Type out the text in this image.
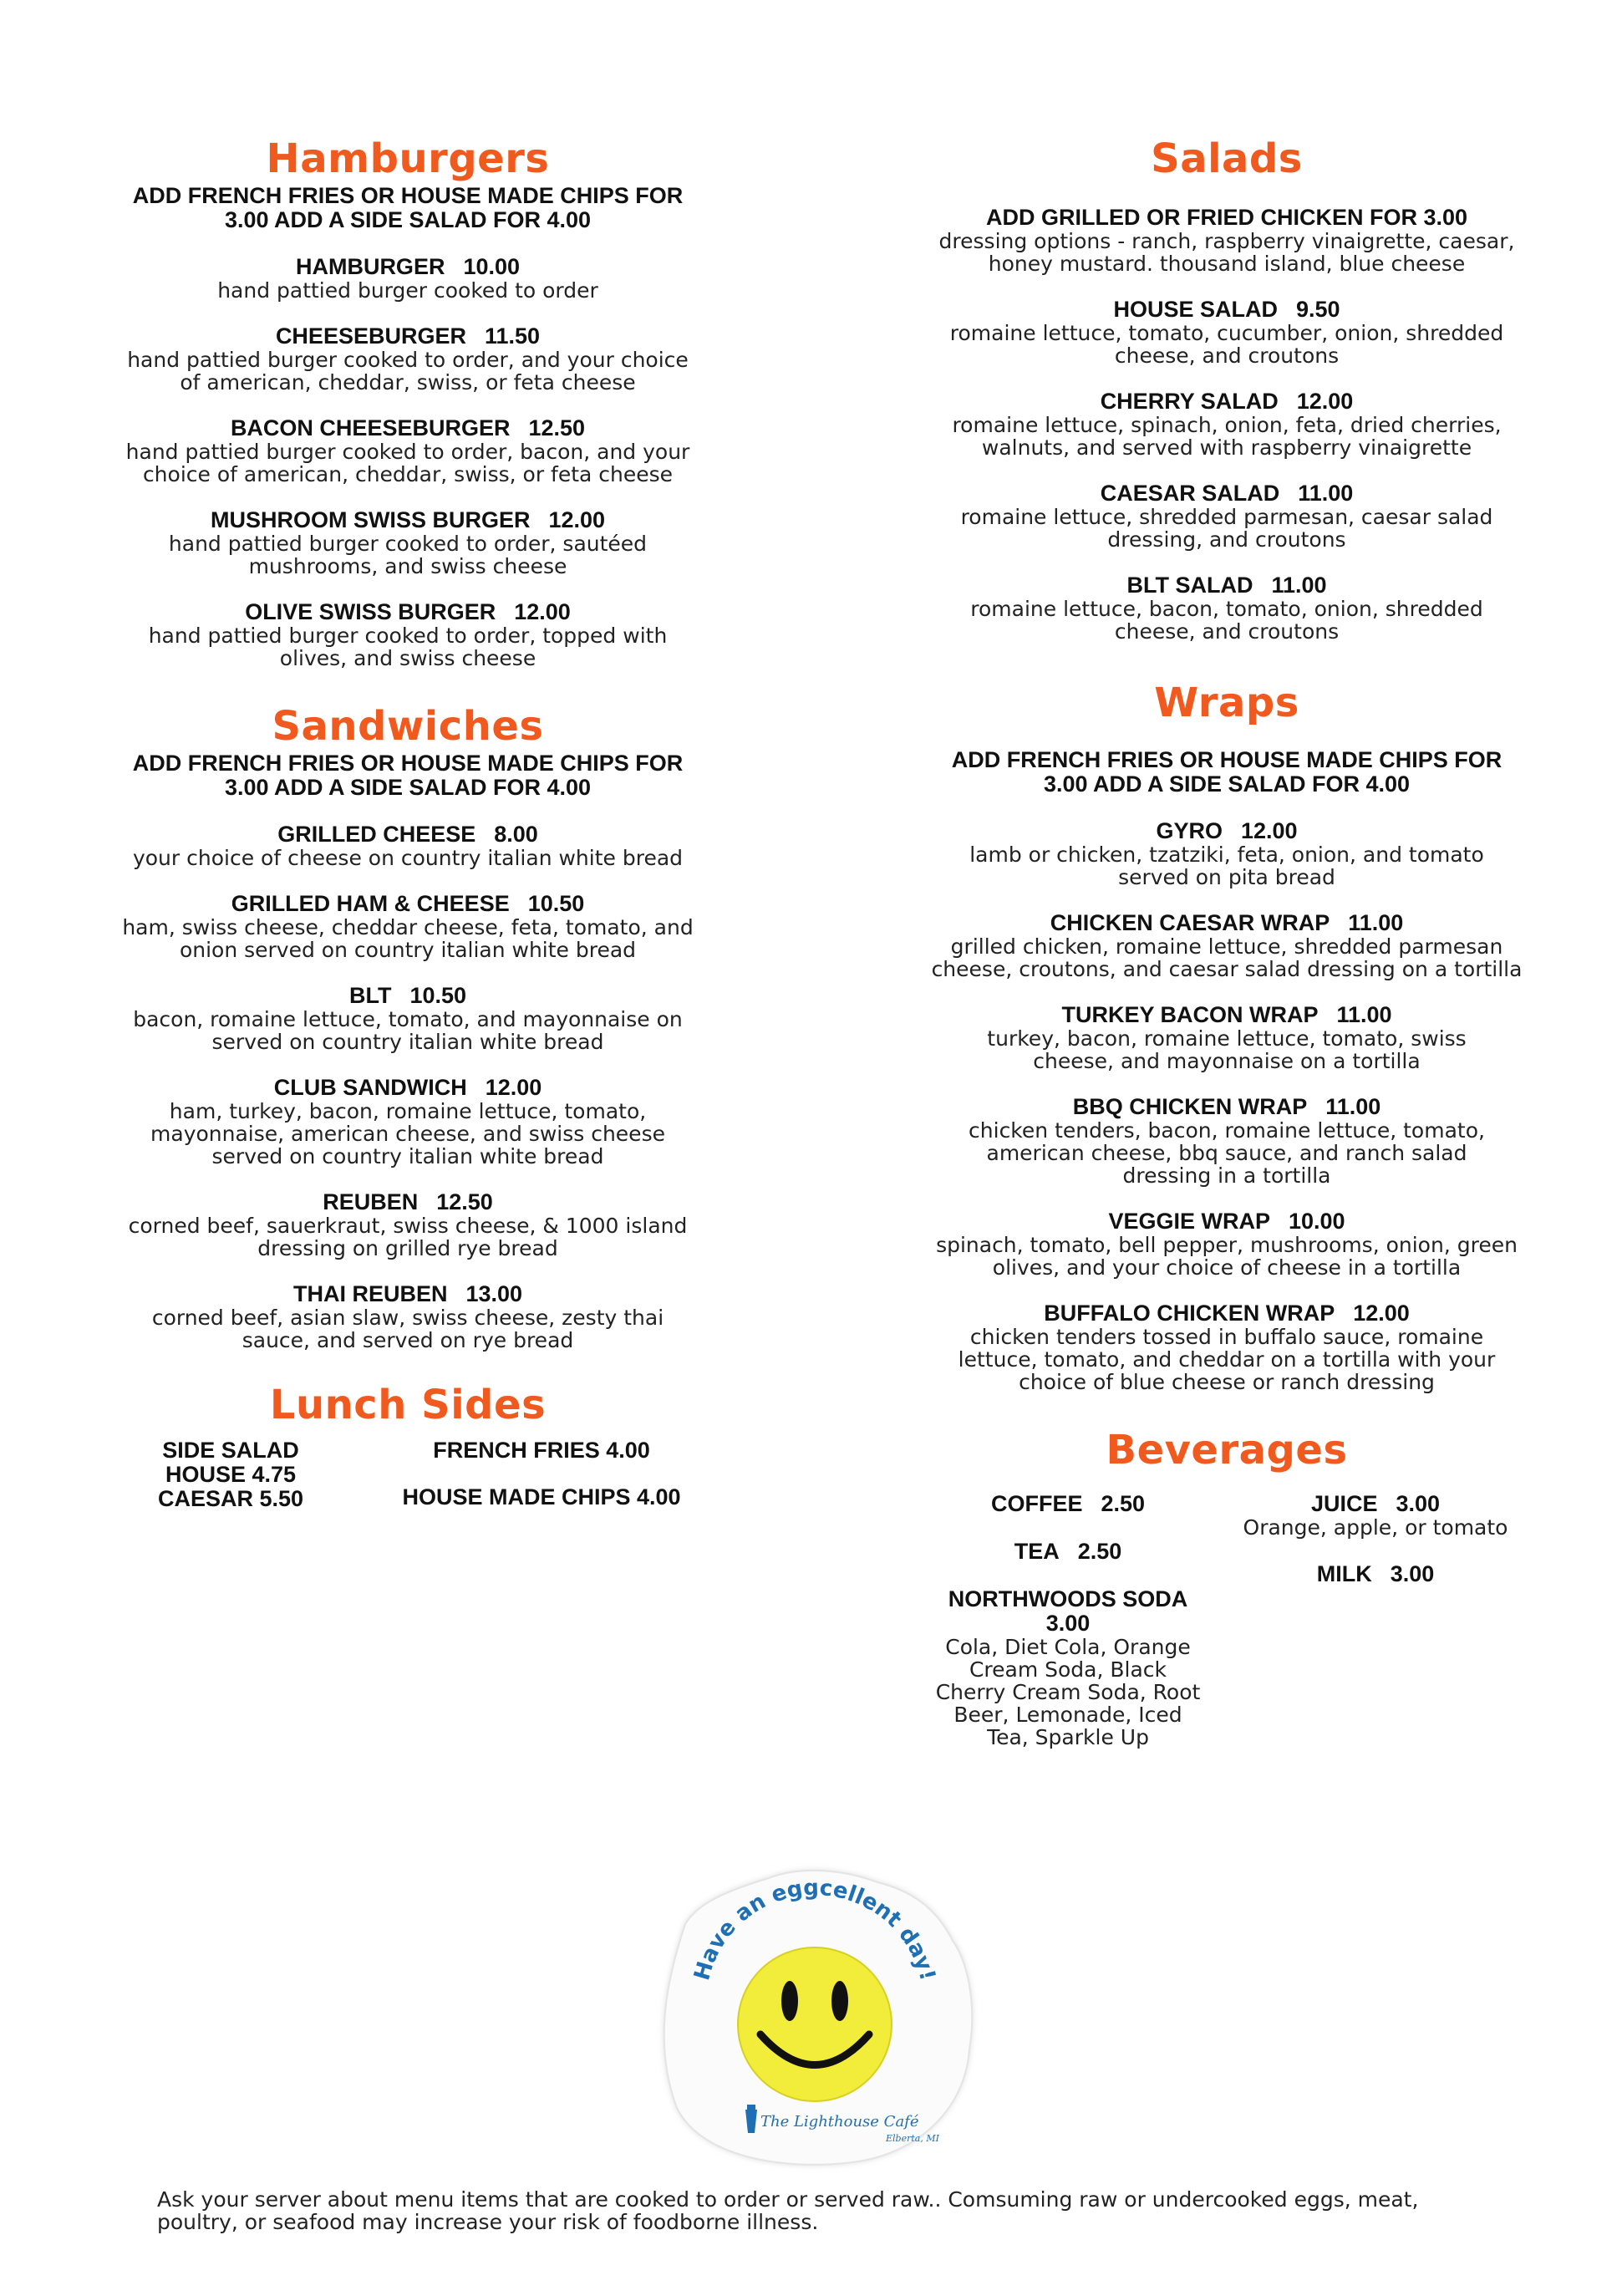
Hamburgers
ADD FRENCH FRIES OR HOUSE MADE CHIPS FOR 3.00 ADD A SIDE SALAD FOR 4.00
HAMBURGER 10.00
hand pattied burger cooked to order
CHEESEBURGER 11.50
hand pattied burger cooked to order, and your choice of american, cheddar, swiss, or feta cheese
BACON CHEESEBURGER 12.50
hand pattied burger cooked to order, bacon, and your choice of american, cheddar, swiss, or feta cheese
MUSHROOM SWISS BURGER 12.00
hand pattied burger cooked to order, sautéed mushrooms, and swiss cheese
OLIVE SWISS BURGER 12.00
hand pattied burger cooked to order, topped with olives, and swiss cheese
Sandwiches
ADD FRENCH FRIES OR HOUSE MADE CHIPS FOR 3.00 ADD A SIDE SALAD FOR 4.00
GRILLED CHEESE 8.00
your choice of cheese on country italian white bread
GRILLED HAM & CHEESE 10.50
ham, swiss cheese, cheddar cheese, feta, tomato, and onion served on country italian white bread
BLT 10.50
bacon, romaine lettuce, tomato, and mayonnaise on served on country italian white bread
CLUB SANDWICH 12.00
ham, turkey, bacon, romaine lettuce, tomato, mayonnaise, american cheese, and swiss cheese served on country italian white bread
REUBEN 12.50
corned beef, sauerkraut, swiss cheese, & 1000 island dressing on grilled rye bread
THAI REUBEN 13.00
corned beef, asian slaw, swiss cheese, zesty thai sauce, and served on rye bread
Lunch Sides
SIDE SALAD HOUSE 4.75 CAESAR 5.50
FRENCH FRIES 4.00
HOUSE MADE CHIPS 4.00
Salads
ADD GRILLED OR FRIED CHICKEN FOR 3.00
dressing options - ranch, raspberry vinaigrette, caesar, honey mustard. thousand island, blue cheese
HOUSE SALAD 9.50
romaine lettuce, tomato, cucumber, onion, shredded cheese, and croutons
CHERRY SALAD 12.00
romaine lettuce, spinach, onion, feta, dried cherries, walnuts, and served with raspberry vinaigrette
CAESAR SALAD 11.00
romaine lettuce, shredded parmesan, caesar salad dressing, and croutons
BLT SALAD 11.00
romaine lettuce, bacon, tomato, onion, shredded cheese, and croutons
Wraps
ADD FRENCH FRIES OR HOUSE MADE CHIPS FOR 3.00 ADD A SIDE SALAD FOR 4.00
GYRO 12.00
lamb or chicken, tzatziki, feta, onion, and tomato served on pita bread
CHICKEN CAESAR WRAP 11.00
grilled chicken, romaine lettuce, shredded parmesan cheese, croutons, and caesar salad dressing on a tortilla
TURKEY BACON WRAP 11.00
turkey, bacon, romaine lettuce, tomato, swiss cheese, and mayonnaise on a tortilla
BBQ CHICKEN WRAP 11.00
chicken tenders, bacon, romaine lettuce, tomato, american cheese, bbq sauce, and ranch salad dressing in a tortilla
VEGGIE WRAP 10.00
spinach, tomato, bell pepper, mushrooms, onion, green olives, and your choice of cheese in a tortilla
BUFFALO CHICKEN WRAP 12.00
chicken tenders tossed in buffalo sauce, romaine lettuce, tomato, and cheddar on a tortilla with your choice of blue cheese or ranch dressing
Beverages
COFFEE 2.50
TEA 2.50
NORTHWOODS SODA
3.00
Cola, Diet Cola, Orange Cream Soda, Black Cherry Cream Soda, Root Beer, Lemonade, Iced Tea, Sparkle Up
JUICE 3.00
Orange, apple, or tomato
MILK 3.00
Have an eggcellent day!
The Lighthouse Café
Elberta, MI
Ask your server about menu items that are cooked to order or served raw.. Comsuming raw or undercooked eggs, meat, poultry, or seafood may increase your risk of foodborne illness.
